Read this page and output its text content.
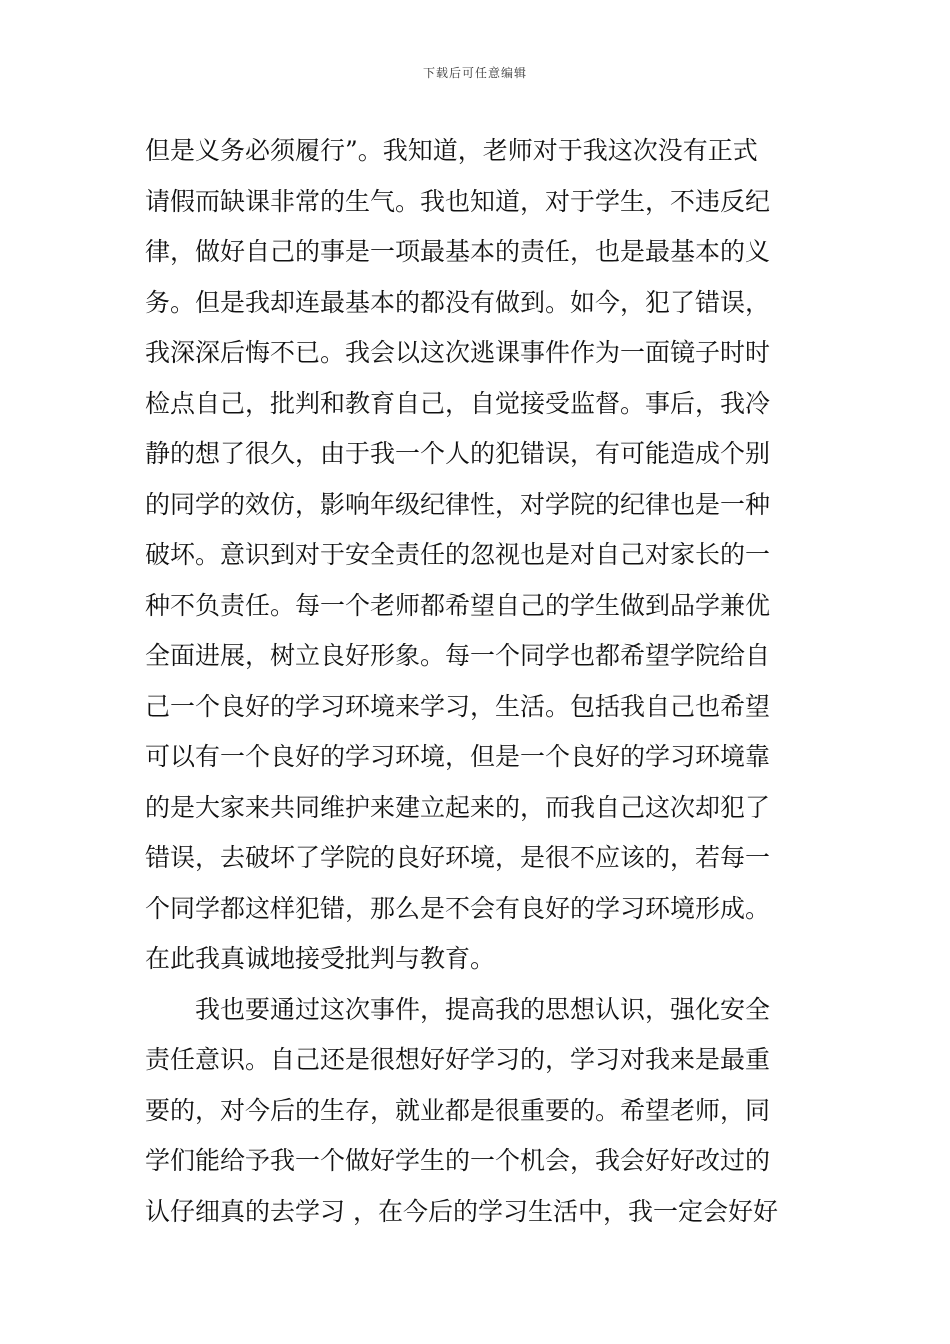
下载后可任意编辑
但是义务必须履行”。我知道，老师对于我这次没有正式
请假而缺课非常的生气。我也知道，对于学生，不违反纪
律，做好自己的事是一项最基本的责任，也是最基本的义
务。但是我却连最基本的都没有做到。如今，犯了错误，
我深深后悔不已。我会以这次逃课事件作为一面镜子时时
检点自己，批判和教育自己，自觉接受监督。事后，我冷
静的想了很久，由于我一个人的犯错误，有可能造成个别
的同学的效仿，影响年级纪律性，对学院的纪律也是一种
破坏。意识到对于安全责任的忽视也是对自己对家长的一
种不负责任。每一个老师都希望自己的学生做到品学兼优
全面进展，树立良好形象。每一个同学也都希望学院给自
己一个良好的学习环境来学习，生活。包括我自己也希望
可以有一个良好的学习环境，但是一个良好的学习环境靠
的是大家来共同维护来建立起来的，而我自己这次却犯了
错误，去破坏了学院的良好环境，是很不应该的，若每一
个同学都这样犯错，那么是不会有良好的学习环境形成。
在此我真诚地接受批判与教育。
我也要通过这次事件，提高我的思想认识，强化安全
责任意识。自己还是很想好好学习的，学习对我来是最重
要的，对今后的生存，就业都是很重要的。希望老师，同
学们能给予我一个做好学生的一个机会，我会好好改过的
认仔细真的去学习 ，在今后的学习生活中，我一定会好好
